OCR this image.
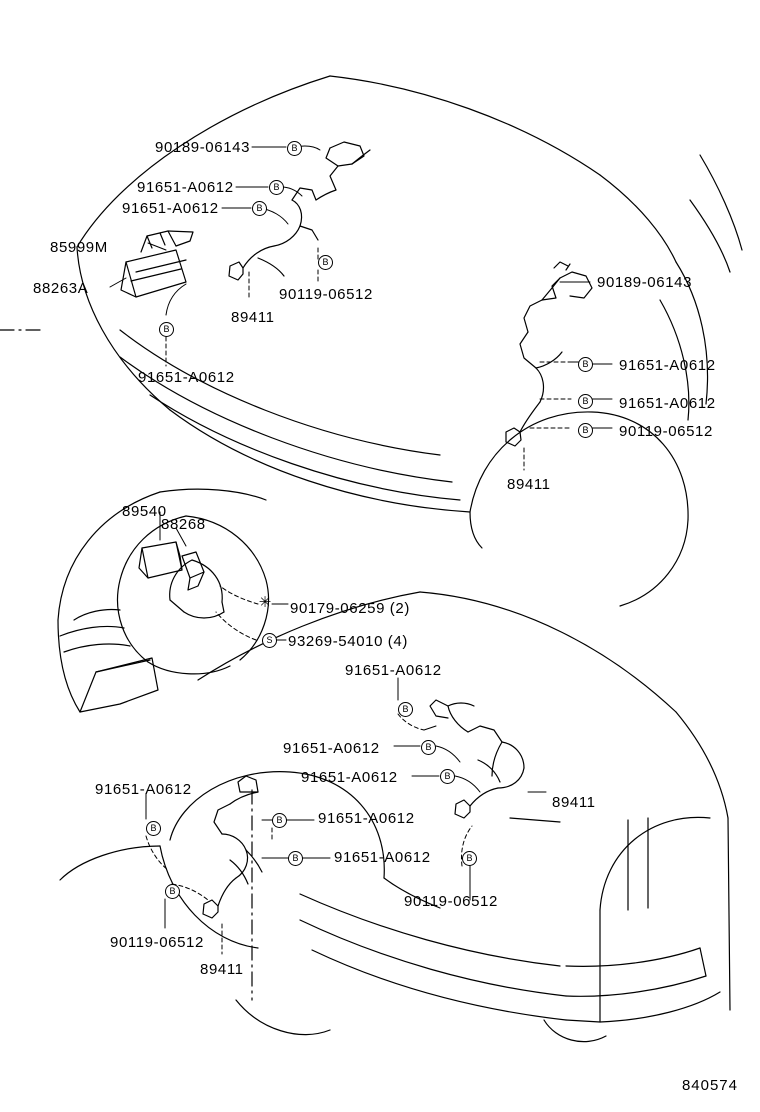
90189-06143
91651-A0612
91651-A0612
85999M
88263A	90119-06512
89411
91651-A0612
90189-06143
91651-A0612
91651-A0612
90119-06512
89411
89540
88268
90179-06259 (2)
93269-54010 (4)
91651-A0612
91651-A0612
91651-A0612
91651-A0612
89411
91651-A0612
91651-A0612
90119-06512
90119-06512
89411
B
B
B
B
B
B
B
B
S
B
B
B
B
B
B	B
B
✳
840574
